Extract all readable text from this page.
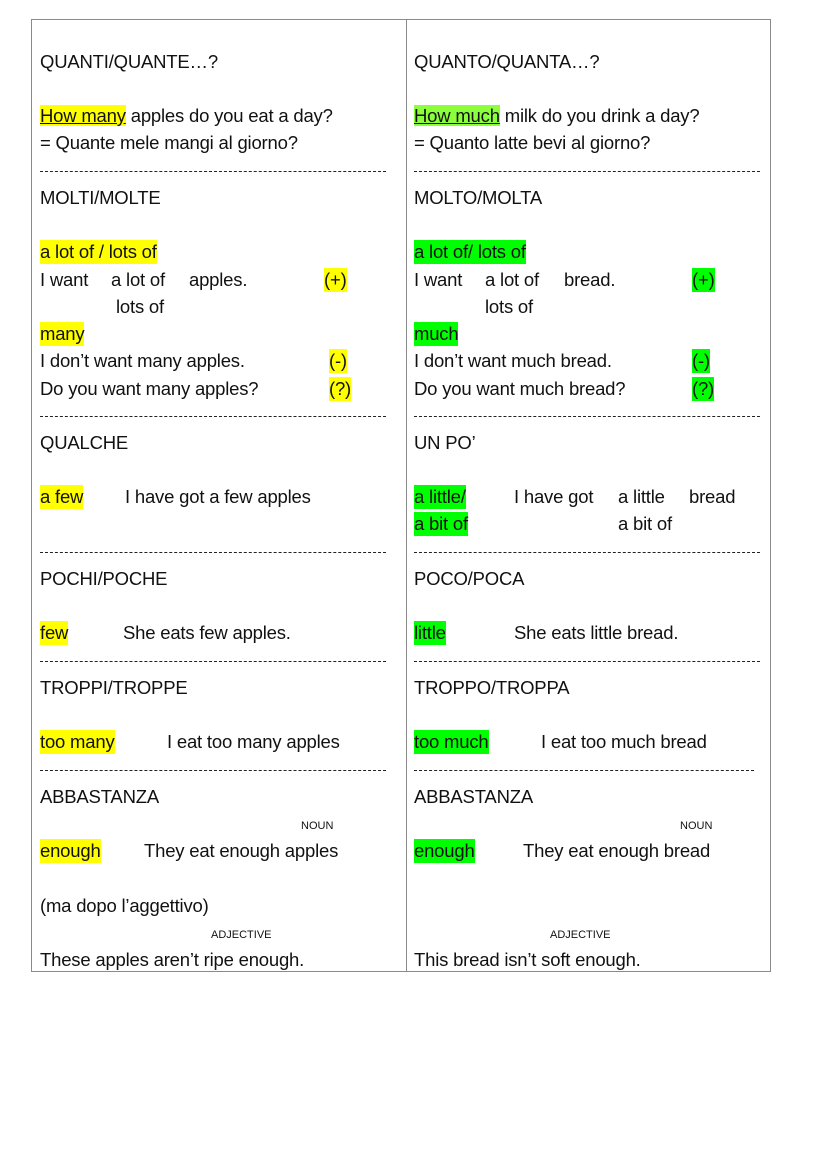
QUANTI/QUANTE…?
How many apples do you eat a day?
= Quante mele mangi al giorno?
MOLTI/MOLTE
a lot of / lots of
I want a lot of apples.	(+)
lots of
many
I don’t want many apples.	(-)
Do you want many apples?	(?)
QUALCHE
a few I have got a few apples
POCHI/POCHE
few	She eats few apples.
TROPPI/TROPPE
too many	I eat too many apples
ABBASTANZA
NOUN
enough They eat enough apples
(ma dopo l’aggettivo)
ADJECTIVE
These apples aren’t ripe enough.
QUANTO/QUANTA…?
How much milk do you drink a day?
= Quanto latte bevi al giorno?
MOLTO/MOLTA
a lot of/ lots of
I want a lot of bread.	(+)
lots of
much
I don’t want much bread.	(-)
Do you want much bread?	(?)
UN PO’
a little/
a bit of
I have got a little bread
a bit of
POCO/POCA
little	She eats little bread.
TROPPO/TROPPA
too much	I eat too much bread
ABBASTANZA
NOUN
enough	They eat enough bread
ADJECTIVE
This bread isn’t soft enough.
